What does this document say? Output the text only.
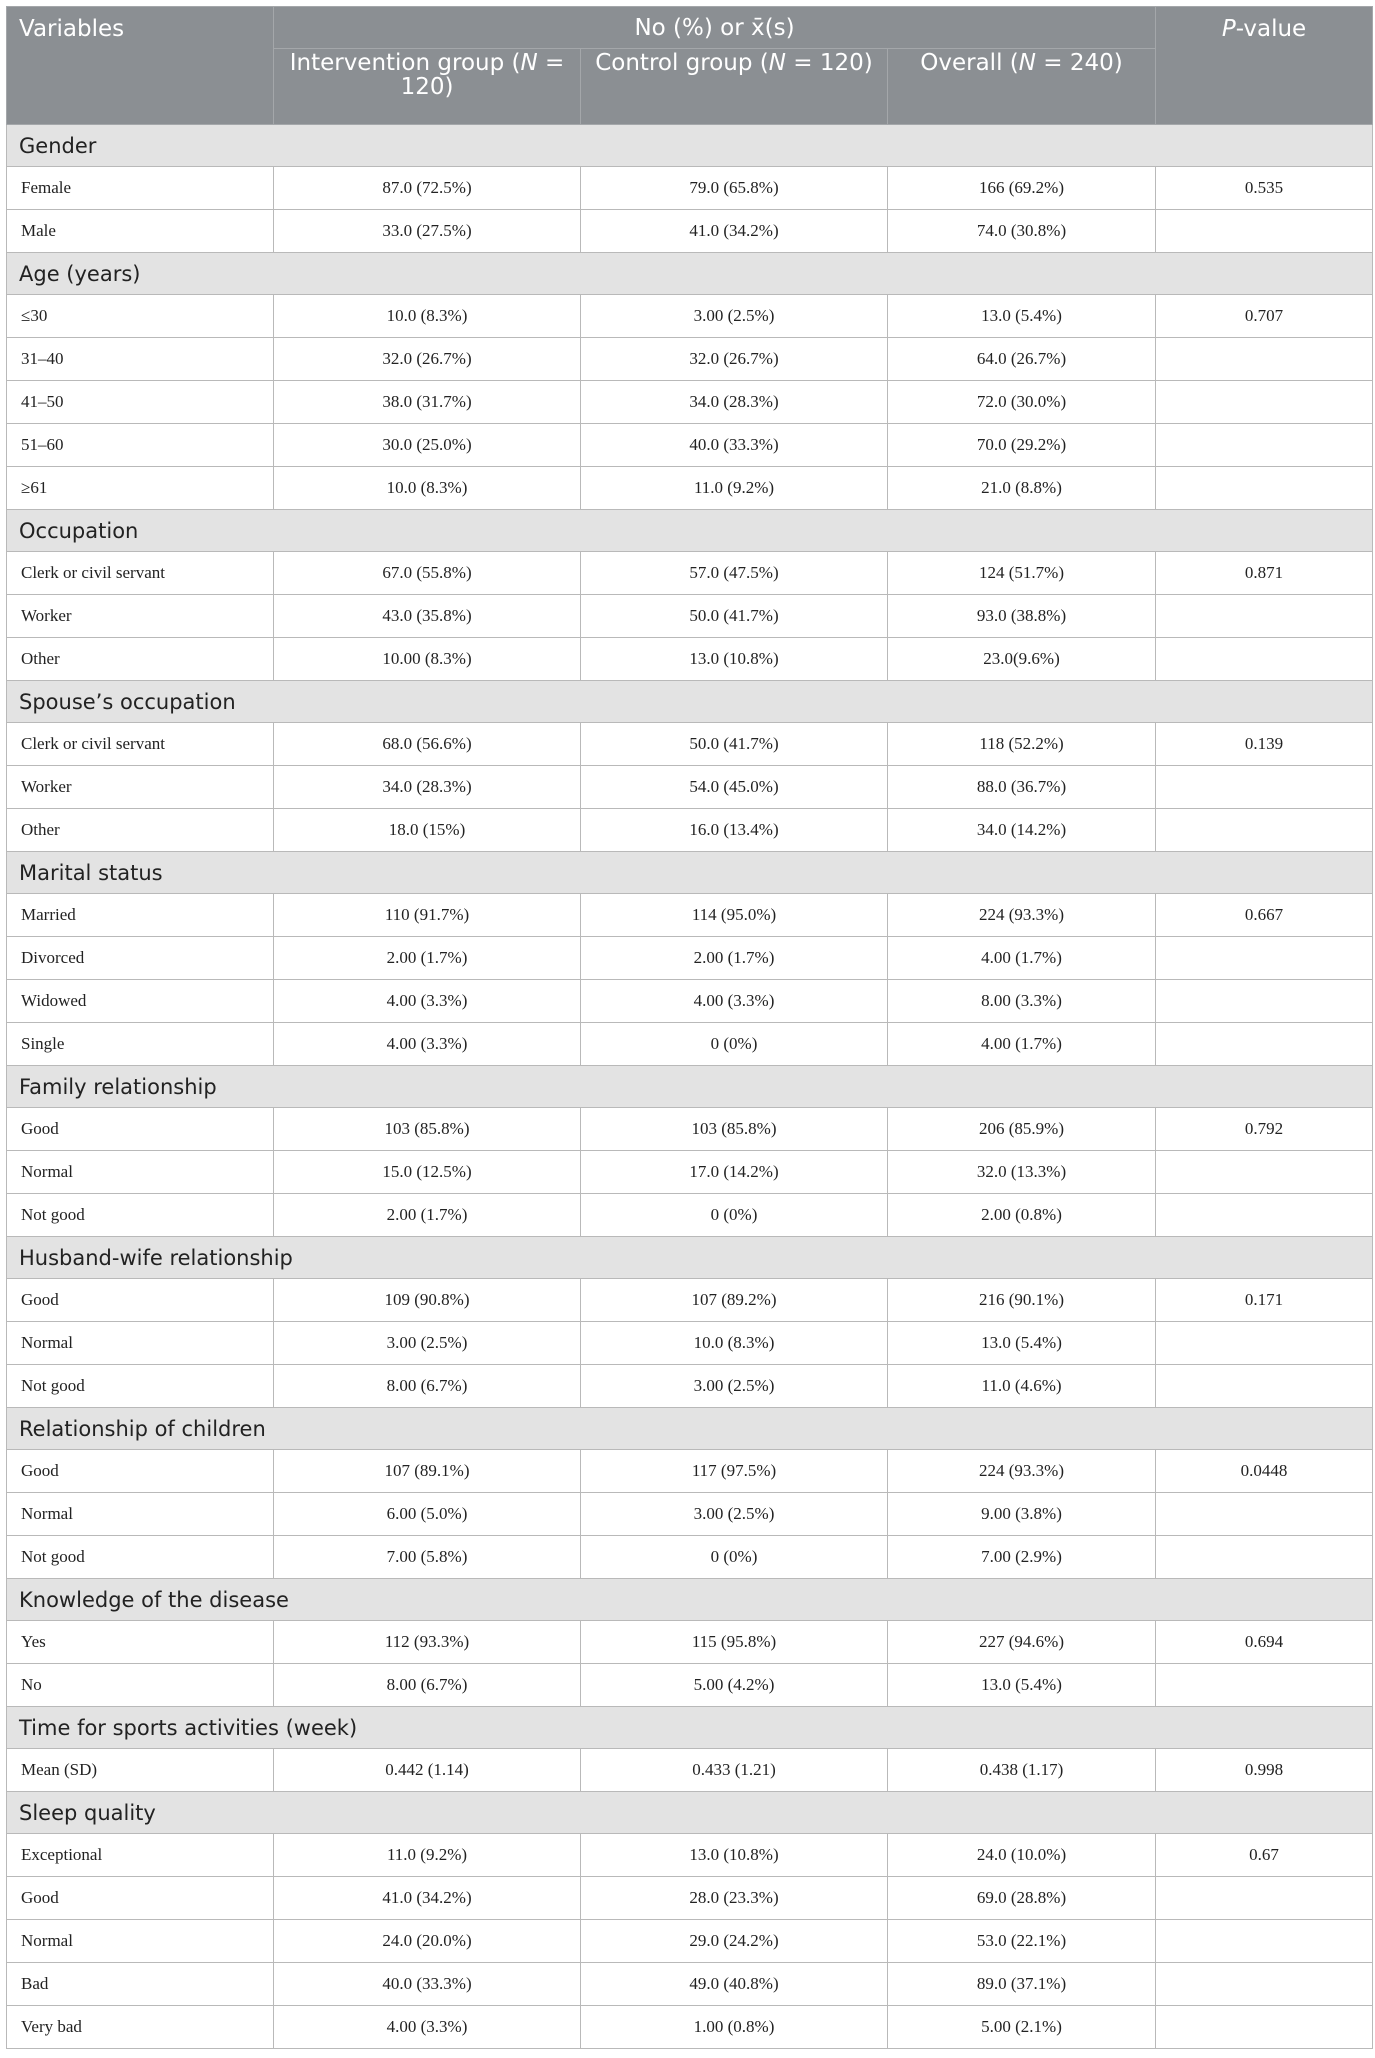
Variables	No (%) or x̄(s)			P-value
	Intervention group (N = 120)	Control group (N = 120)	Overall (N = 240)	
Gender				
Female	87.0 (72.5%)	79.0 (65.8%)	166 (69.2%)	0.535
Male	33.0 (27.5%)	41.0 (34.2%)	74.0 (30.8%)	
Age (years)				
≤30	10.0 (8.3%)	3.00 (2.5%)	13.0 (5.4%)	0.707
31–40	32.0 (26.7%)	32.0 (26.7%)	64.0 (26.7%)	
41–50	38.0 (31.7%)	34.0 (28.3%)	72.0 (30.0%)	
51–60	30.0 (25.0%)	40.0 (33.3%)	70.0 (29.2%)	
≥61	10.0 (8.3%)	11.0 (9.2%)	21.0 (8.8%)	
Occupation				
Clerk or civil servant	67.0 (55.8%)	57.0 (47.5%)	124 (51.7%)	0.871
Worker	43.0 (35.8%)	50.0 (41.7%)	93.0 (38.8%)	
Other	10.00 (8.3%)	13.0 (10.8%)	23.0(9.6%)	
Spouse’s occupation				
Clerk or civil servant	68.0 (56.6%)	50.0 (41.7%)	118 (52.2%)	0.139
Worker	34.0 (28.3%)	54.0 (45.0%)	88.0 (36.7%)	
Other	18.0 (15%)	16.0 (13.4%)	34.0 (14.2%)	
Marital status				
Married	110 (91.7%)	114 (95.0%)	224 (93.3%)	0.667
Divorced	2.00 (1.7%)	2.00 (1.7%)	4.00 (1.7%)	
Widowed	4.00 (3.3%)	4.00 (3.3%)	8.00 (3.3%)	
Single	4.00 (3.3%)	0 (0%)	4.00 (1.7%)	
Family relationship				
Good	103 (85.8%)	103 (85.8%)	206 (85.9%)	0.792
Normal	15.0 (12.5%)	17.0 (14.2%)	32.0 (13.3%)	
Not good	2.00 (1.7%)	0 (0%)	2.00 (0.8%)	
Husband-wife relationship				
Good	109 (90.8%)	107 (89.2%)	216 (90.1%)	0.171
Normal	3.00 (2.5%)	10.0 (8.3%)	13.0 (5.4%)	
Not good	8.00 (6.7%)	3.00 (2.5%)	11.0 (4.6%)	
Relationship of children				
Good	107 (89.1%)	117 (97.5%)	224 (93.3%)	0.0448
Normal	6.00 (5.0%)	3.00 (2.5%)	9.00 (3.8%)	
Not good	7.00 (5.8%)	0 (0%)	7.00 (2.9%)	
Knowledge of the disease				
Yes	112 (93.3%)	115 (95.8%)	227 (94.6%)	0.694
No	8.00 (6.7%)	5.00 (4.2%)	13.0 (5.4%)	
Time for sports activities (week)				
Mean (SD)	0.442 (1.14)	0.433 (1.21)	0.438 (1.17)	0.998
Sleep quality				
Exceptional	11.0 (9.2%)	13.0 (10.8%)	24.0 (10.0%)	0.67
Good	41.0 (34.2%)	28.0 (23.3%)	69.0 (28.8%)	
Normal	24.0 (20.0%)	29.0 (24.2%)	53.0 (22.1%)	
Bad	40.0 (33.3%)	49.0 (40.8%)	89.0 (37.1%)	
Very bad	4.00 (3.3%)	1.00 (0.8%)	5.00 (2.1%)	
